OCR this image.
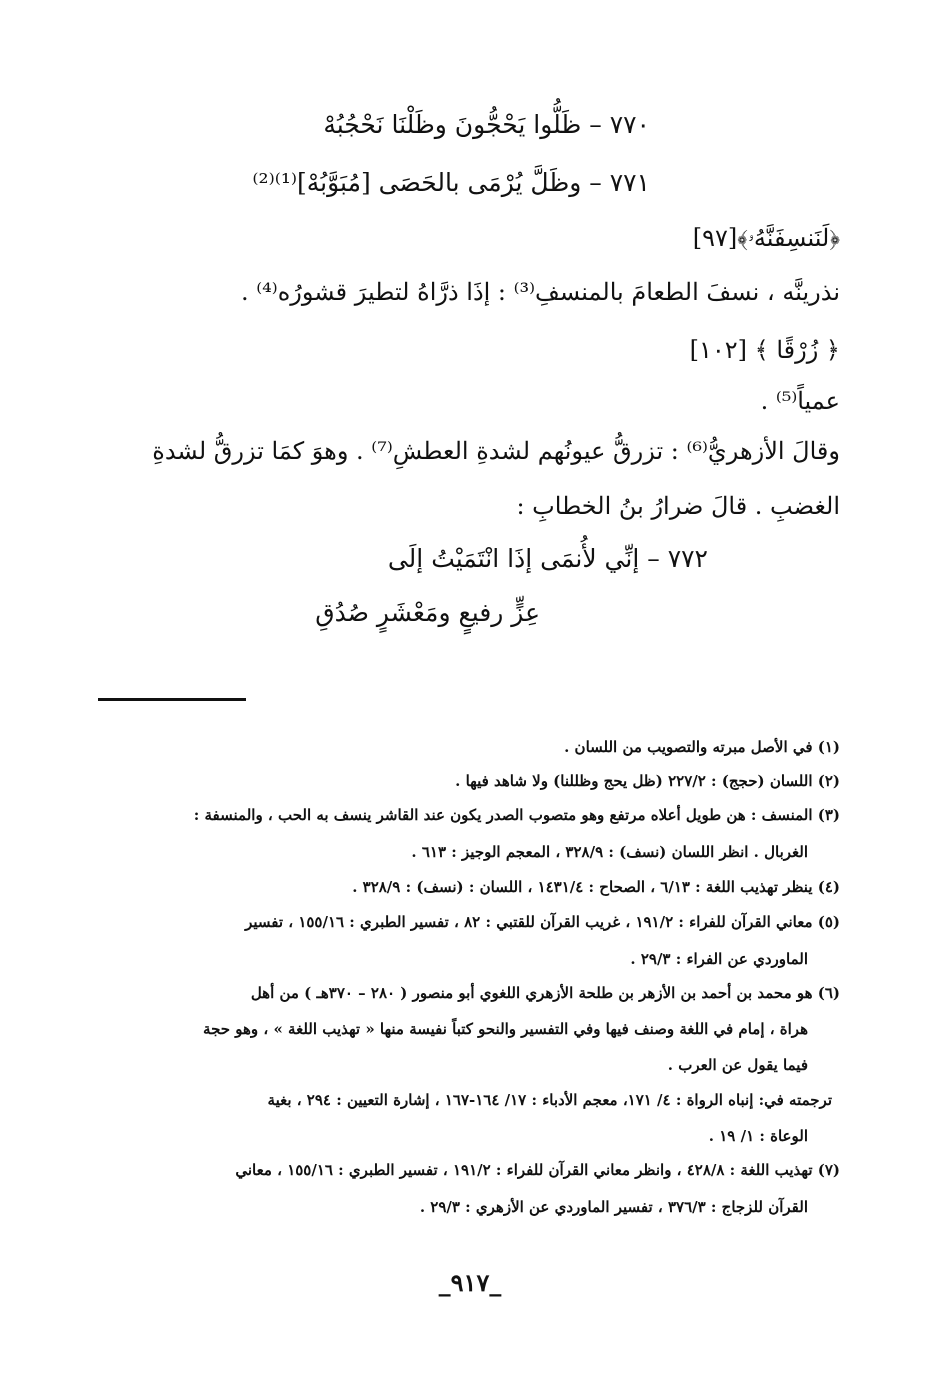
٧٧٠ – ظَلُّوا يَحْجُّونَ وظَلْنَا نَحْجُبُهْ
٧٧١ – وظَلَّ يُرْمَى بالحَصَى [مُبَوَّبُهْ]⁽¹⁾⁽²⁾
﴿لَنَنسِفَنَّهُۥ﴾[٩٧]
نذرينَّه ، نسفَ الطعامَ بالمنسفِ⁽³⁾ : إذَا ذرَّاهُ لتطيرَ قشورُه⁽⁴⁾ .
﴿ زُرْقًا ﴾ [١٠٢]
عمياً⁽⁵⁾ .
وقالَ الأزهريُّ⁽⁶⁾ : تزرقُّ عيونُهم لشدةِ العطشِ⁽⁷⁾ . وهوَ كمَا تزرقُّ لشدةِ
الغضبِ . قالَ ضرارُ بنُ الخطابِ :
٧٧٢ – إنِّي لأُنمَى إذَا انْتَمَيْتُ إلَى
عِزٍّ رفيعٍ ومَعْشَرٍ صُدُقِ
(١) في الأصل مبرته والتصويب من اللسان .
(٢) اللسان (حجج) : ٢٢٧/٢ (ظل يحج وظللنا) ولا شاهد فيها .
(٣) المنسف : هن طويل أعلاه مرتفع وهو متصوب الصدر يكون عند القاشر ينسف به الحب ، والمنسفة :
الغربال . انظر اللسان (نسف) : ٣٢٨/٩ ، المعجم الوجيز : ٦١٣ .
(٤) ينظر تهذيب اللغة : ٦/١٣ ، الصحاح : ١٤٣١/٤ ، اللسان : (نسف) : ٣٢٨/٩ .
(٥) معاني القرآن للفراء : ١٩١/٢ ، غريب القرآن للقتبي : ٨٢ ، تفسير الطبري : ١٥٥/١٦ ، تفسير
الماوردي عن الفراء : ٢٩/٣ .
(٦) هو محمد بن أحمد بن الأزهر بن طلحة الأزهري اللغوي أبو منصور ( ٢٨٠ – ٣٧٠هـ ) من أهل
هراة ، إمام في اللغة وصنف فيها وفي التفسير والنحو كتباً نفيسة منها « تهذيب اللغة » ، وهو حجة
فيما يقول عن العرب .
ترجمته في: إنباه الرواة : ٤/ ١٧١، معجم الأدباء : ١٧/ ١٦٤-١٦٧ ، إشارة التعيين : ٢٩٤ ، بغية
الوعاة : ١/ ١٩ .
(٧) تهذيب اللغة : ٤٢٨/٨ ، وانظر معاني القرآن للفراء : ١٩١/٢ ، تفسير الطبري : ١٥٥/١٦ ، معاني
القرآن للزجاج : ٣٧٦/٣ ، تفسير الماوردي عن الأزهري : ٢٩/٣ .
_٩١٧_
